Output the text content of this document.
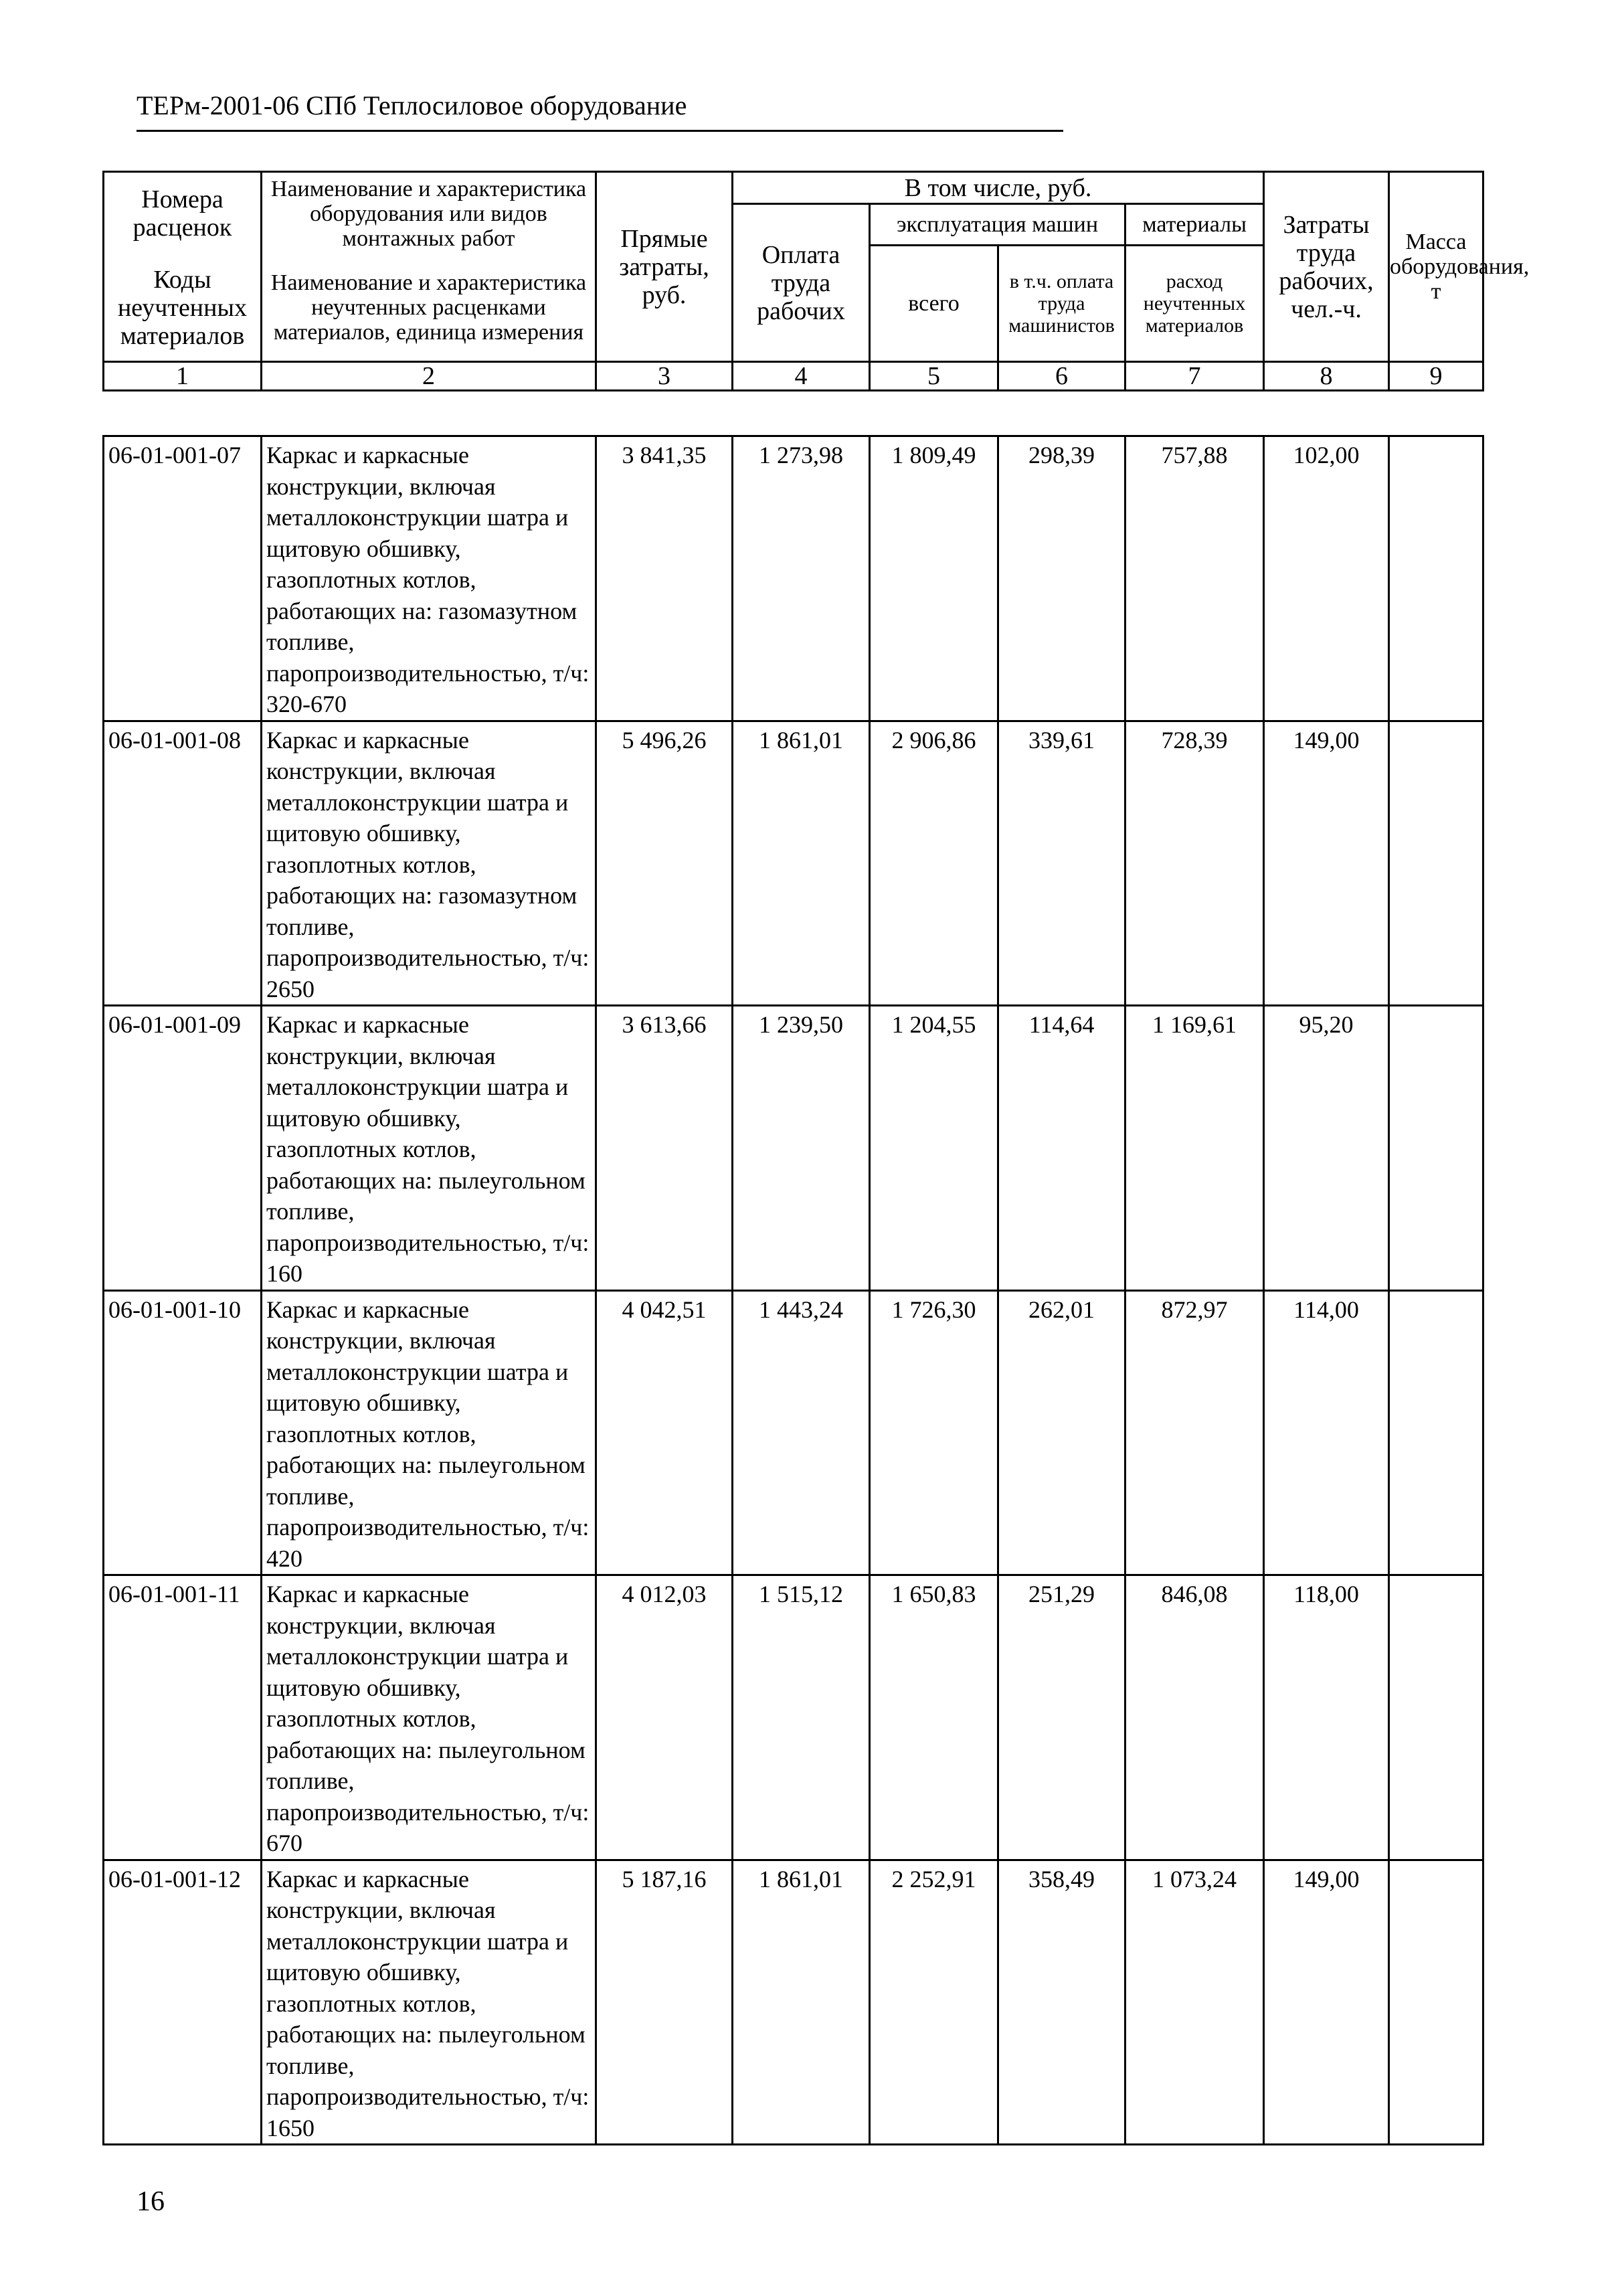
ТЕРм-2001-06 СПб Теплосиловое оборудование
Номера расценок	Наименование и характеристика оборудования или видов монтажных работ	Прямые затраты, руб.	В том числе, руб.				Затраты труда рабочих, чел.-ч.	Масса оборудования, т
			Оплата труда рабочих	эксплуатация машин		материалы		
				всего	в т.ч. оплата труда машинистов	расход неучтенных материалов		
Коды неучтенных материалов	Наименование и характеристика неучтенных расценками материалов, единица измерения							

1	2	3	4	5	6	7	8	9
06-01-001-07	Каркас и каркасные конструкции, включая металлоконструкции шатра и щитовую обшивку, газоплотных котлов, работающих на: газомазутном топливе, паропроизводительностью, т/ч: 320-670	3 841,35	1 273,98	1 809,49	298,39	757,88	102,00	
06-01-001-08	Каркас и каркасные конструкции, включая металлоконструкции шатра и щитовую обшивку, газоплотных котлов, работающих на: газомазутном топливе, паропроизводительностью, т/ч: 2650	5 496,26	1 861,01	2 906,86	339,61	728,39	149,00	
06-01-001-09	Каркас и каркасные конструкции, включая металлоконструкции шатра и щитовую обшивку, газоплотных котлов, работающих на: пылеугольном топливе, паропроизводительностью, т/ч: 160	3 613,66	1 239,50	1 204,55	114,64	1 169,61	95,20	
06-01-001-10	Каркас и каркасные конструкции, включая металлоконструкции шатра и щитовую обшивку, газоплотных котлов, работающих на: пылеугольном топливе, паропроизводительностью, т/ч: 420	4 042,51	1 443,24	1 726,30	262,01	872,97	114,00	
06-01-001-11	Каркас и каркасные конструкции, включая металлоконструкции шатра и щитовую обшивку, газоплотных котлов, работающих на: пылеугольном топливе, паропроизводительностью, т/ч: 670	4 012,03	1 515,12	1 650,83	251,29	846,08	118,00	
06-01-001-12	Каркас и каркасные конструкции, включая металлоконструкции шатра и щитовую обшивку, газоплотных котлов, работающих на: пылеугольном топливе, паропроизводительностью, т/ч: 1650	5 187,16	1 861,01	2 252,91	358,49	1 073,24	149,00	
16
